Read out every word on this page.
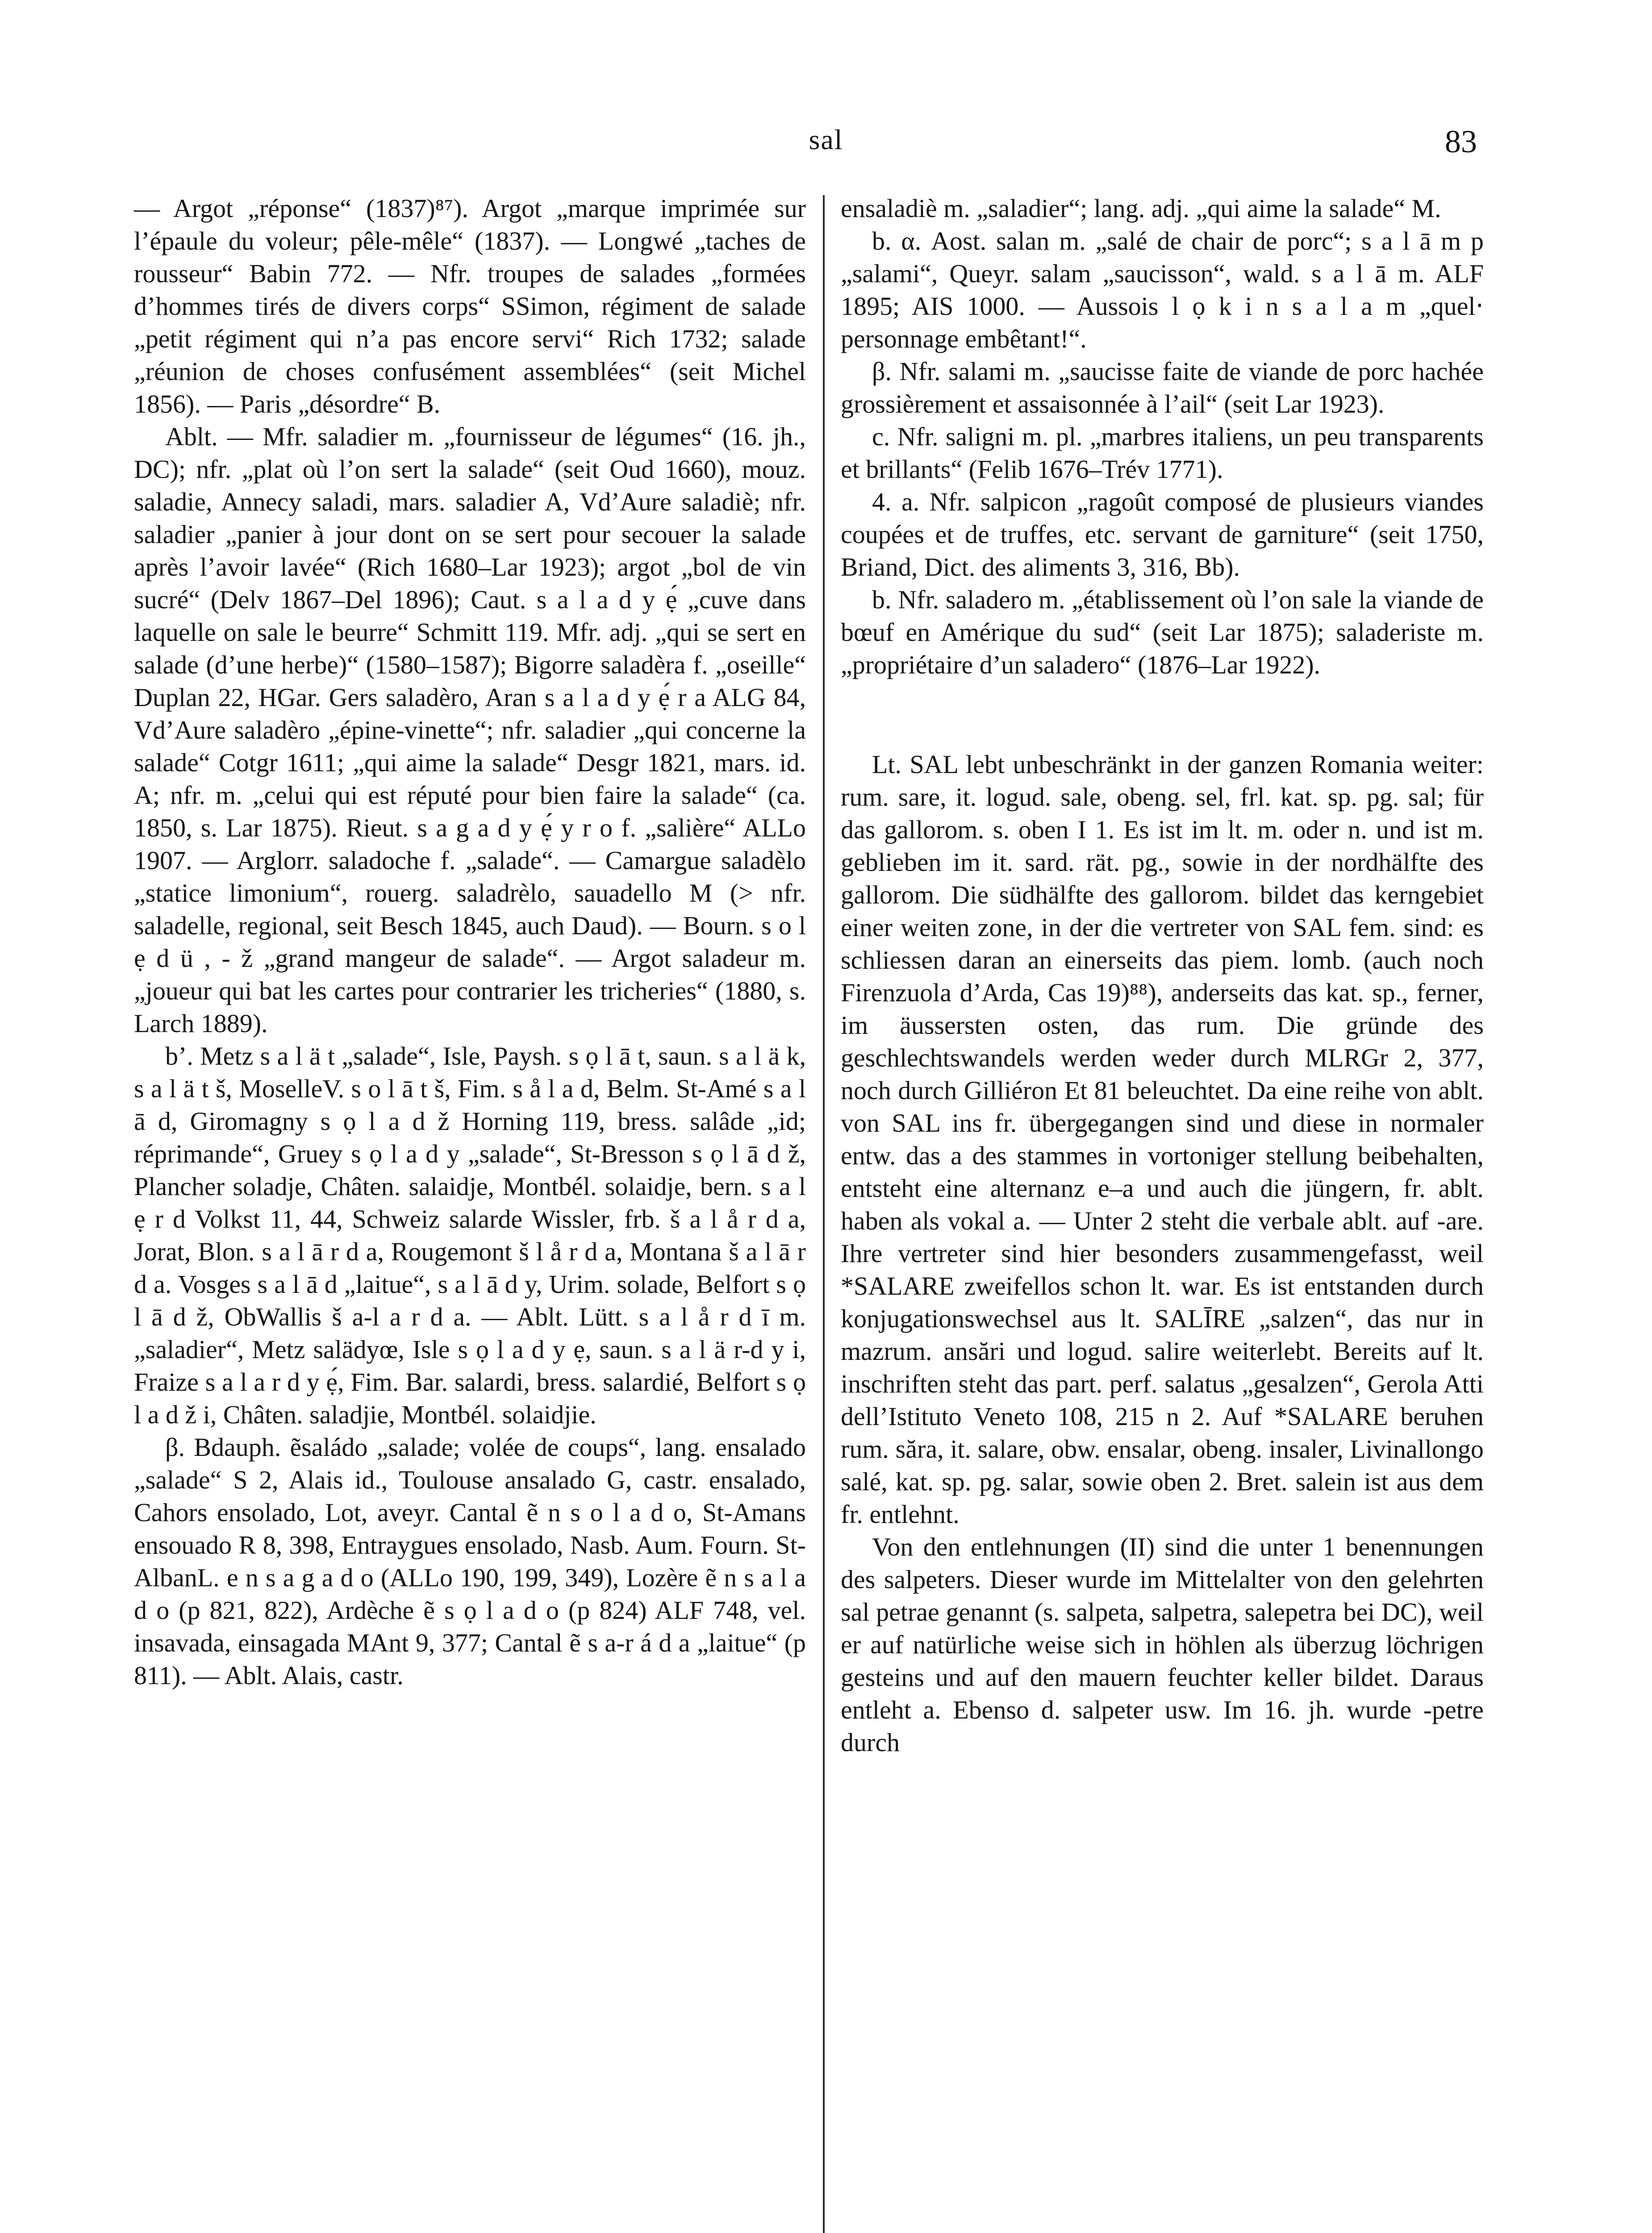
sal	83

— Argot „réponse“ (1837)⁸⁷). Argot „marque imprimée sur l’épaule du voleur; pêle-mêle“ (1837). — Longwé „taches de rousseur“ Babin 772. — Nfr. troupes de salades „formées d’hommes tirés de divers corps“ SSimon, régiment de salade „petit régiment qui n’a pas encore servi“ Rich 1732; salade „réunion de choses confusément assemblées“ (seit Michel 1856). — Paris „désordre“ B.

Ablt. — Mfr. saladier m. „fournisseur de légumes“ (16. jh., DC); nfr. „plat où l’on sert la salade“ (seit Oud 1660), mouz. saladie, Annecy saladi, mars. saladier A, Vd’Aure saladiè; nfr. saladier „panier à jour dont on se sert pour secouer la salade après l’avoir lavée“ (Rich 1680–Lar 1923); argot „bol de vin sucré“ (Delv 1867–Del 1896); Caut. s a l a d y ẹ́ „cuve dans laquelle on sale le beurre“ Schmitt 119. Mfr. adj. „qui se sert en salade (d’une herbe)“ (1580–1587); Bigorre saladèra f. „oseille“ Duplan 22, HGar. Gers saladèro, Aran s a l a d y ẹ́ r a ALG 84, Vd’Aure saladèro „épine-vinette“; nfr. saladier „qui concerne la salade“ Cotgr 1611; „qui aime la salade“ Desgr 1821, mars. id. A; nfr. m. „celui qui est réputé pour bien faire la salade“ (ca. 1850, s. Lar 1875). Rieut. s a g a d y ẹ́ y r o f. „salière“ ALLo 1907. — Arglorr. saladoche f. „salade“. — Camargue saladèlo „statice limonium“, rouerg. saladrèlo, sauadello M (> nfr. saladelle, regional, seit Besch 1845, auch Daud). — Bourn. s o l ẹ d ü , - ž „grand mangeur de salade“. — Argot saladeur m. „joueur qui bat les cartes pour contrarier les tricheries“ (1880, s. Larch 1889).

b’. Metz s a l ä t „salade“, Isle, Paysh. s ọ l ā t, saun. s a l ä k, s a l ä t š, MoselleV. s o l ā t š, Fim. s å l a d, Belm. St-Amé s a l ā d, Giromagny s ọ l a d ž Horning 119, bress. salâde „id; réprimande“, Gruey s ọ l a d y „salade“, St-Bresson s ọ l ā d ž, Plancher soladje, Châten. salaidje, Montbél. solaidje, bern. s a l ẹ r d Volkst 11, 44, Schweiz salarde Wissler, frb. š a l å r d a, Jorat, Blon. s a l ā r d a, Rougemont š l å r d a, Montana š a l ā r d a. Vosges s a l ā d „laitue“, s a l ā d y, Urim. solade, Belfort s ọ l ā d ž, ObWallis š a-l a r d a. — Ablt. Lütt. s a l å r d ī m. „saladier“, Metz salädyœ, Isle s ọ l a d y ẹ, saun. s a l ä r-d y i, Fraize s a l a r d y ẹ́, Fim. Bar. salardi, bress. salardié, Belfort s ọ l a d ž i, Châten. saladjie, Montbél. solaidjie.

β. Bdauph. ẽsaládo „salade; volée de coups“, lang. ensalado „salade“ S 2, Alais id., Toulouse ansalado G, castr. ensalado, Cahors ensolado, Lot, aveyr. Cantal ẽ n s o l a d o, St-Amans ensouado R 8, 398, Entraygues ensolado, Nasb. Aum. Fourn. St-AlbanL. e n s a g a d o (ALLo 190, 199, 349), Lozère ẽ n s a l a d o (p 821, 822), Ardèche ẽ s ọ l a d o (p 824) ALF 748, vel. insavada, einsagada MAnt 9, 377; Cantal ẽ s a-r á d a „laitue“ (p 811). — Ablt. Alais, castr.

ensaladiè m. „saladier“; lang. adj. „qui aime la salade“ M.

b. α. Aost. salan m. „salé de chair de porc“; s a l ā m p „salami“, Queyr. salam „saucisson“, wald. s a l ā m. ALF 1895; AIS 1000. — Aussois l ọ k i n s a l a m „quel‧personnage embêtant!“.

β. Nfr. salami m. „saucisse faite de viande de porc hachée grossièrement et assaisonnée à l’ail“ (seit Lar 1923).

c. Nfr. saligni m. pl. „marbres italiens, un peu transparents et brillants“ (Felib 1676–Trév 1771).

4. a. Nfr. salpicon „ragoût composé de plusieurs viandes coupées et de truffes, etc. servant de garniture“ (seit 1750, Briand, Dict. des aliments 3, 316, Bb).

b. Nfr. saladero m. „établissement où l’on sale la viande de bœuf en Amérique du sud“ (seit Lar 1875); saladeriste m. „propriétaire d’un saladero“ (1876–Lar 1922).

Lt. SAL lebt unbeschränkt in der ganzen Romania weiter: rum. sare, it. logud. sale, obeng. sel, frl. kat. sp. pg. sal; für das gallorom. s. oben I 1. Es ist im lt. m. oder n. und ist m. geblieben im it. sard. rät. pg., sowie in der nordhälfte des gallorom. Die südhälfte des gallorom. bildet das kerngebiet einer weiten zone, in der die vertreter von SAL fem. sind: es schliessen daran an einerseits das piem. lomb. (auch noch Firenzuola d’Arda, Cas 19)⁸⁸), anderseits das kat. sp., ferner, im äussersten osten, das rum. Die gründe des geschlechtswandels werden weder durch MLRGr 2, 377, noch durch Gilliéron Et 81 beleuchtet. Da eine reihe von ablt. von SAL ins fr. übergegangen sind und diese in normaler entw. das a des stammes in vortoniger stellung beibehalten, entsteht eine alternanz e–a und auch die jüngern, fr. ablt. haben als vokal a. — Unter 2 steht die verbale ablt. auf -are. Ihre vertreter sind hier besonders zusammengefasst, weil *SALARE zweifellos schon lt. war. Es ist entstanden durch konjugationswechsel aus lt. SALĪRE „salzen“, das nur in mazrum. ansări und logud. salire weiterlebt. Bereits auf lt. inschriften steht das part. perf. salatus „gesalzen“, Gerola Atti dell’Istituto Veneto 108, 215 n 2. Auf *SALARE beruhen rum. săra, it. salare, obw. ensalar, obeng. insaler, Livinallongo salé, kat. sp. pg. salar, sowie oben 2. Bret. salein ist aus dem fr. entlehnt.

Von den entlehnungen (II) sind die unter 1 benennungen des salpeters. Dieser wurde im Mittelalter von den gelehrten sal petrae genannt (s. salpeta, salpetra, salepetra bei DC), weil er auf natürliche weise sich in höhlen als überzug löchrigen gesteins und auf den mauern feuchter keller bildet. Daraus entleht a. Ebenso d. salpeter usw. Im 16. jh. wurde -petre durch
